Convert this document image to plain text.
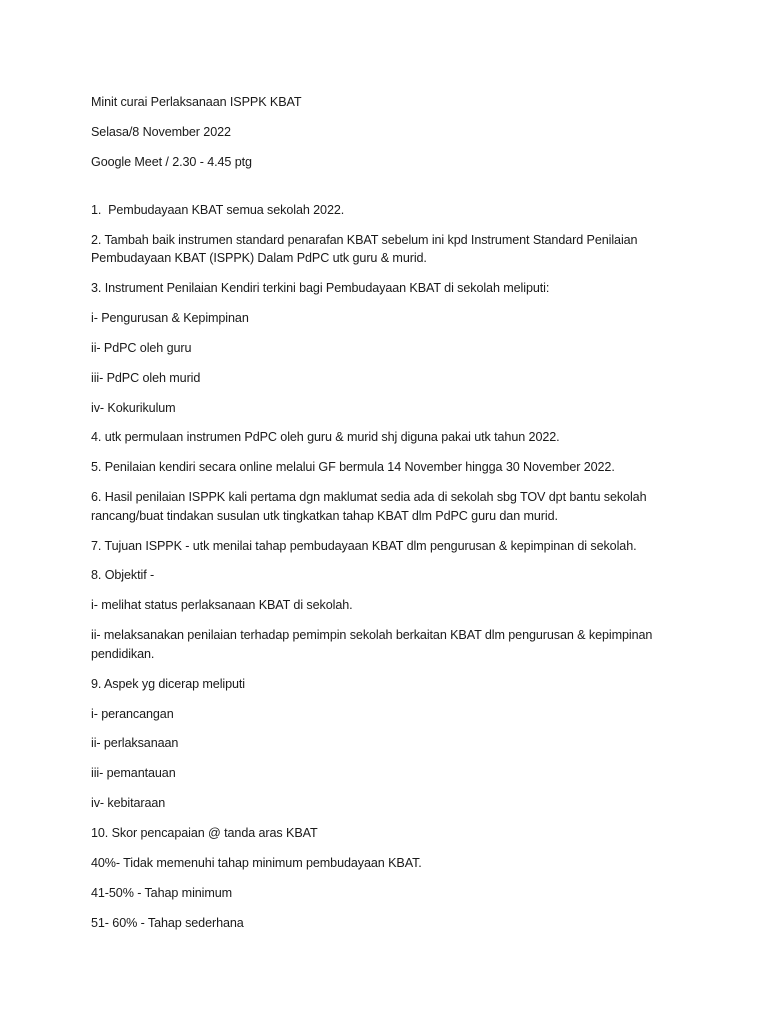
Minit curai Perlaksanaan ISPPK KBAT

Selasa/8 November 2022

Google Meet / 2.30 - 4.45 ptg

1.  Pembudayaan KBAT semua sekolah 2022.

2. Tambah baik instrumen standard penarafan KBAT sebelum ini kpd Instrument Standard Penilaian Pembudayaan KBAT (ISPPK) Dalam PdPC utk guru & murid.

3. Instrument Penilaian Kendiri terkini bagi Pembudayaan KBAT di sekolah meliputi:

i- Pengurusan & Kepimpinan

ii- PdPC oleh guru

iii- PdPC oleh murid

iv- Kokurikulum

4. utk permulaan instrumen PdPC oleh guru & murid shj diguna pakai utk tahun 2022.

5. Penilaian kendiri secara online melalui GF bermula 14 November hingga 30 November 2022.

6. Hasil penilaian ISPPK kali pertama dgn maklumat sedia ada di sekolah sbg TOV dpt bantu sekolah rancang/buat tindakan susulan utk tingkatkan tahap KBAT dlm PdPC guru dan murid.

7. Tujuan ISPPK - utk menilai tahap pembudayaan KBAT dlm pengurusan & kepimpinan di sekolah.

8. Objektif -

i- melihat status perlaksanaan KBAT di sekolah.

ii- melaksanakan penilaian terhadap pemimpin sekolah berkaitan KBAT dlm pengurusan & kepimpinan pendidikan.

9. Aspek yg dicerap meliputi

i- perancangan

ii- perlaksanaan

iii- pemantauan

iv- kebitaraan

10. Skor pencapaian @ tanda aras KBAT

40%- Tidak memenuhi tahap minimum pembudayaan KBAT.

41-50% - Tahap minimum

51- 60% - Tahap sederhana
